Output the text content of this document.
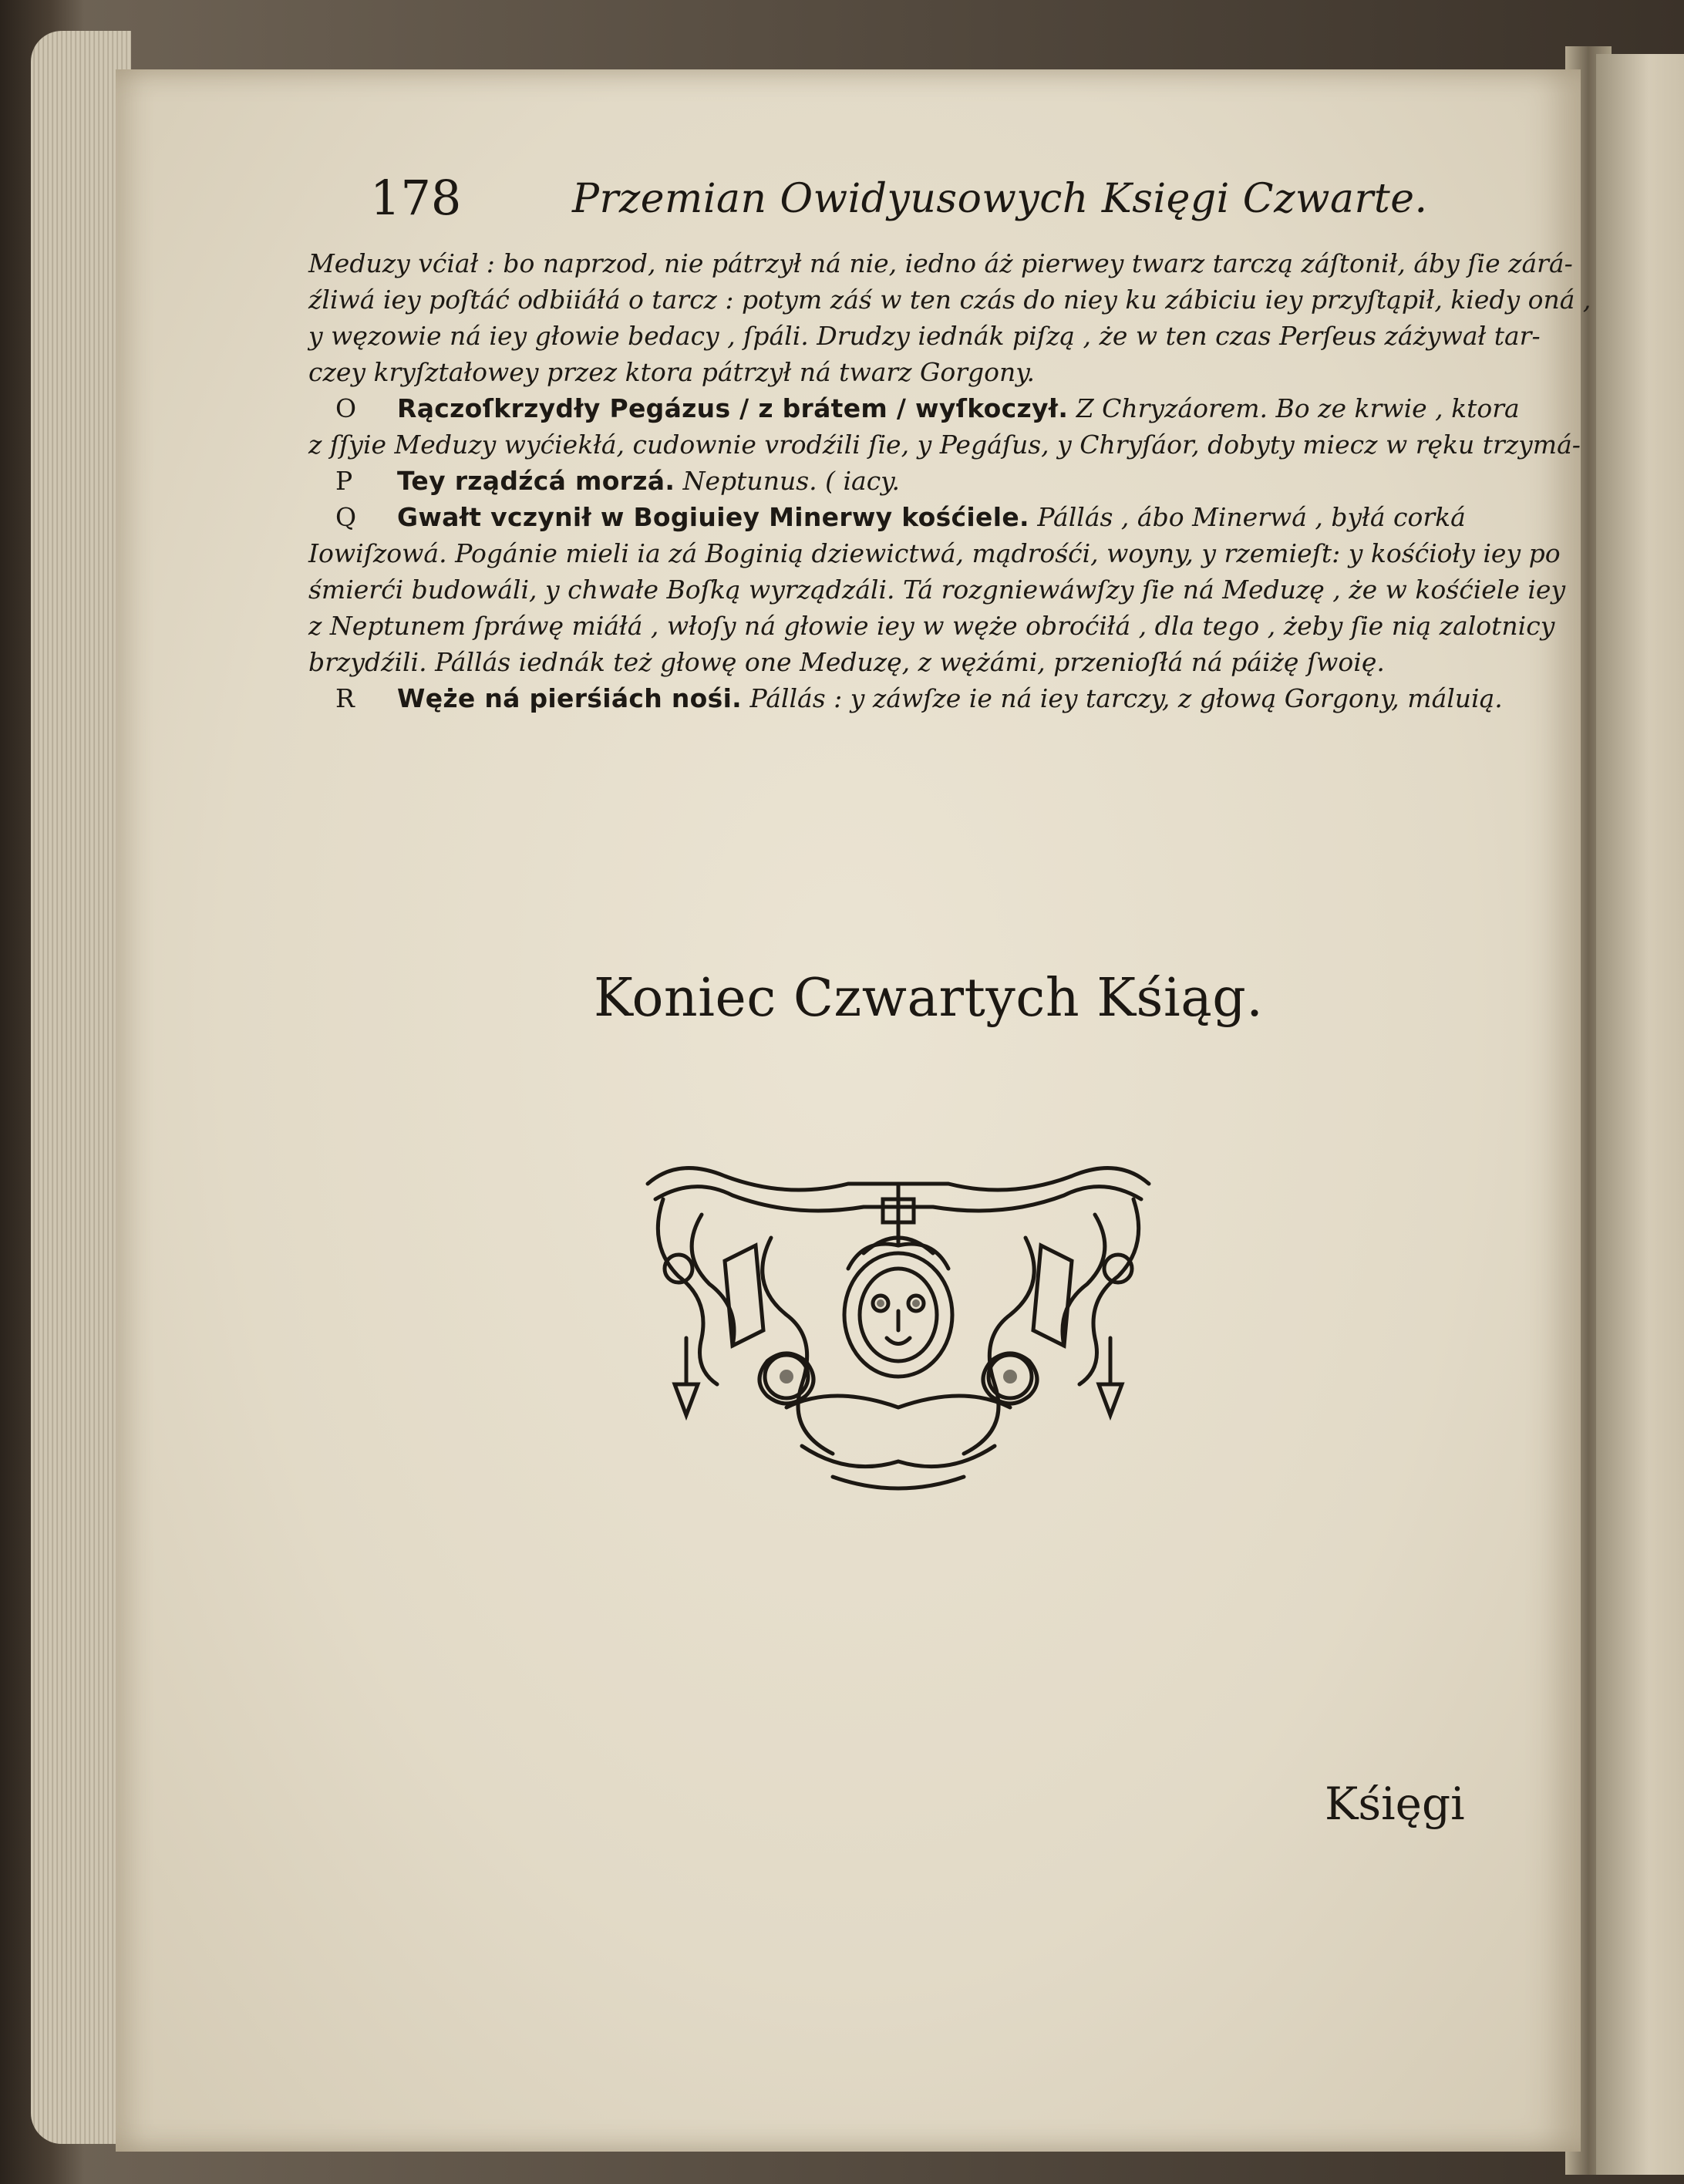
178	Przemian Owidyusowych Księgi Czwarte.
Meduzy vćiał : bo naprzod, nie pátrzył ná nie, iedno áż pierwey twarz tarczą záſtonił, áby ſie zárá-
źliwá iey poſtáć odbiiáłá o tarcz : potym záś w ten czás do niey ku zábiciu iey przyſtąpił, kiedy oná ,
y węzowie ná iey głowie bedacy , ſpáli. Drudzy iednák piſzą , że w ten czas Perſeus záżywał tar-
czey kryſztałowey przez ktora pátrzył ná twarz Gorgony.
O Rączoſkrzydły Pegázus / z brátem / wyſkoczył. Z Chryzáorem. Bo ze krwie , ktora
z ſſyie Meduzy wyćiekłá, cudownie vrodźili ſie, y Pegáſus, y Chryſáor, dobyty miecz w ręku trzymá-
P Tey rządźcá morzá. Neptunus. ( iacy.
Q Gwałt vczynił w Bogiuiey Minerwy kośćiele. Pállás , ábo Minerwá , byłá corká
Iowiſzowá. Pogánie mieli ia zá Boginią dziewictwá, mądrośći, woyny, y rzemieſt: y kośćioły iey po
śmierći budowáli, y chwałe Boſką wyrządzáli. Tá rozgniewáwſzy ſie ná Meduzę , że w kośćiele iey
z Neptunem ſpráwę miáłá , włoſy ná głowie iey w węże obroćiłá , dla tego , żeby ſie nią zalotnicy
brzydźili. Pállás iednák też głowę one Meduzę, z wężámi, przenioſłá ná páiżę ſwoię.
R Węże ná pierśiách nośi. Pállás : y záwſze ie ná iey tarczy, z głową Gorgony, máluią.
Koniec Czwartych Kśiąg.
Kśięgi
